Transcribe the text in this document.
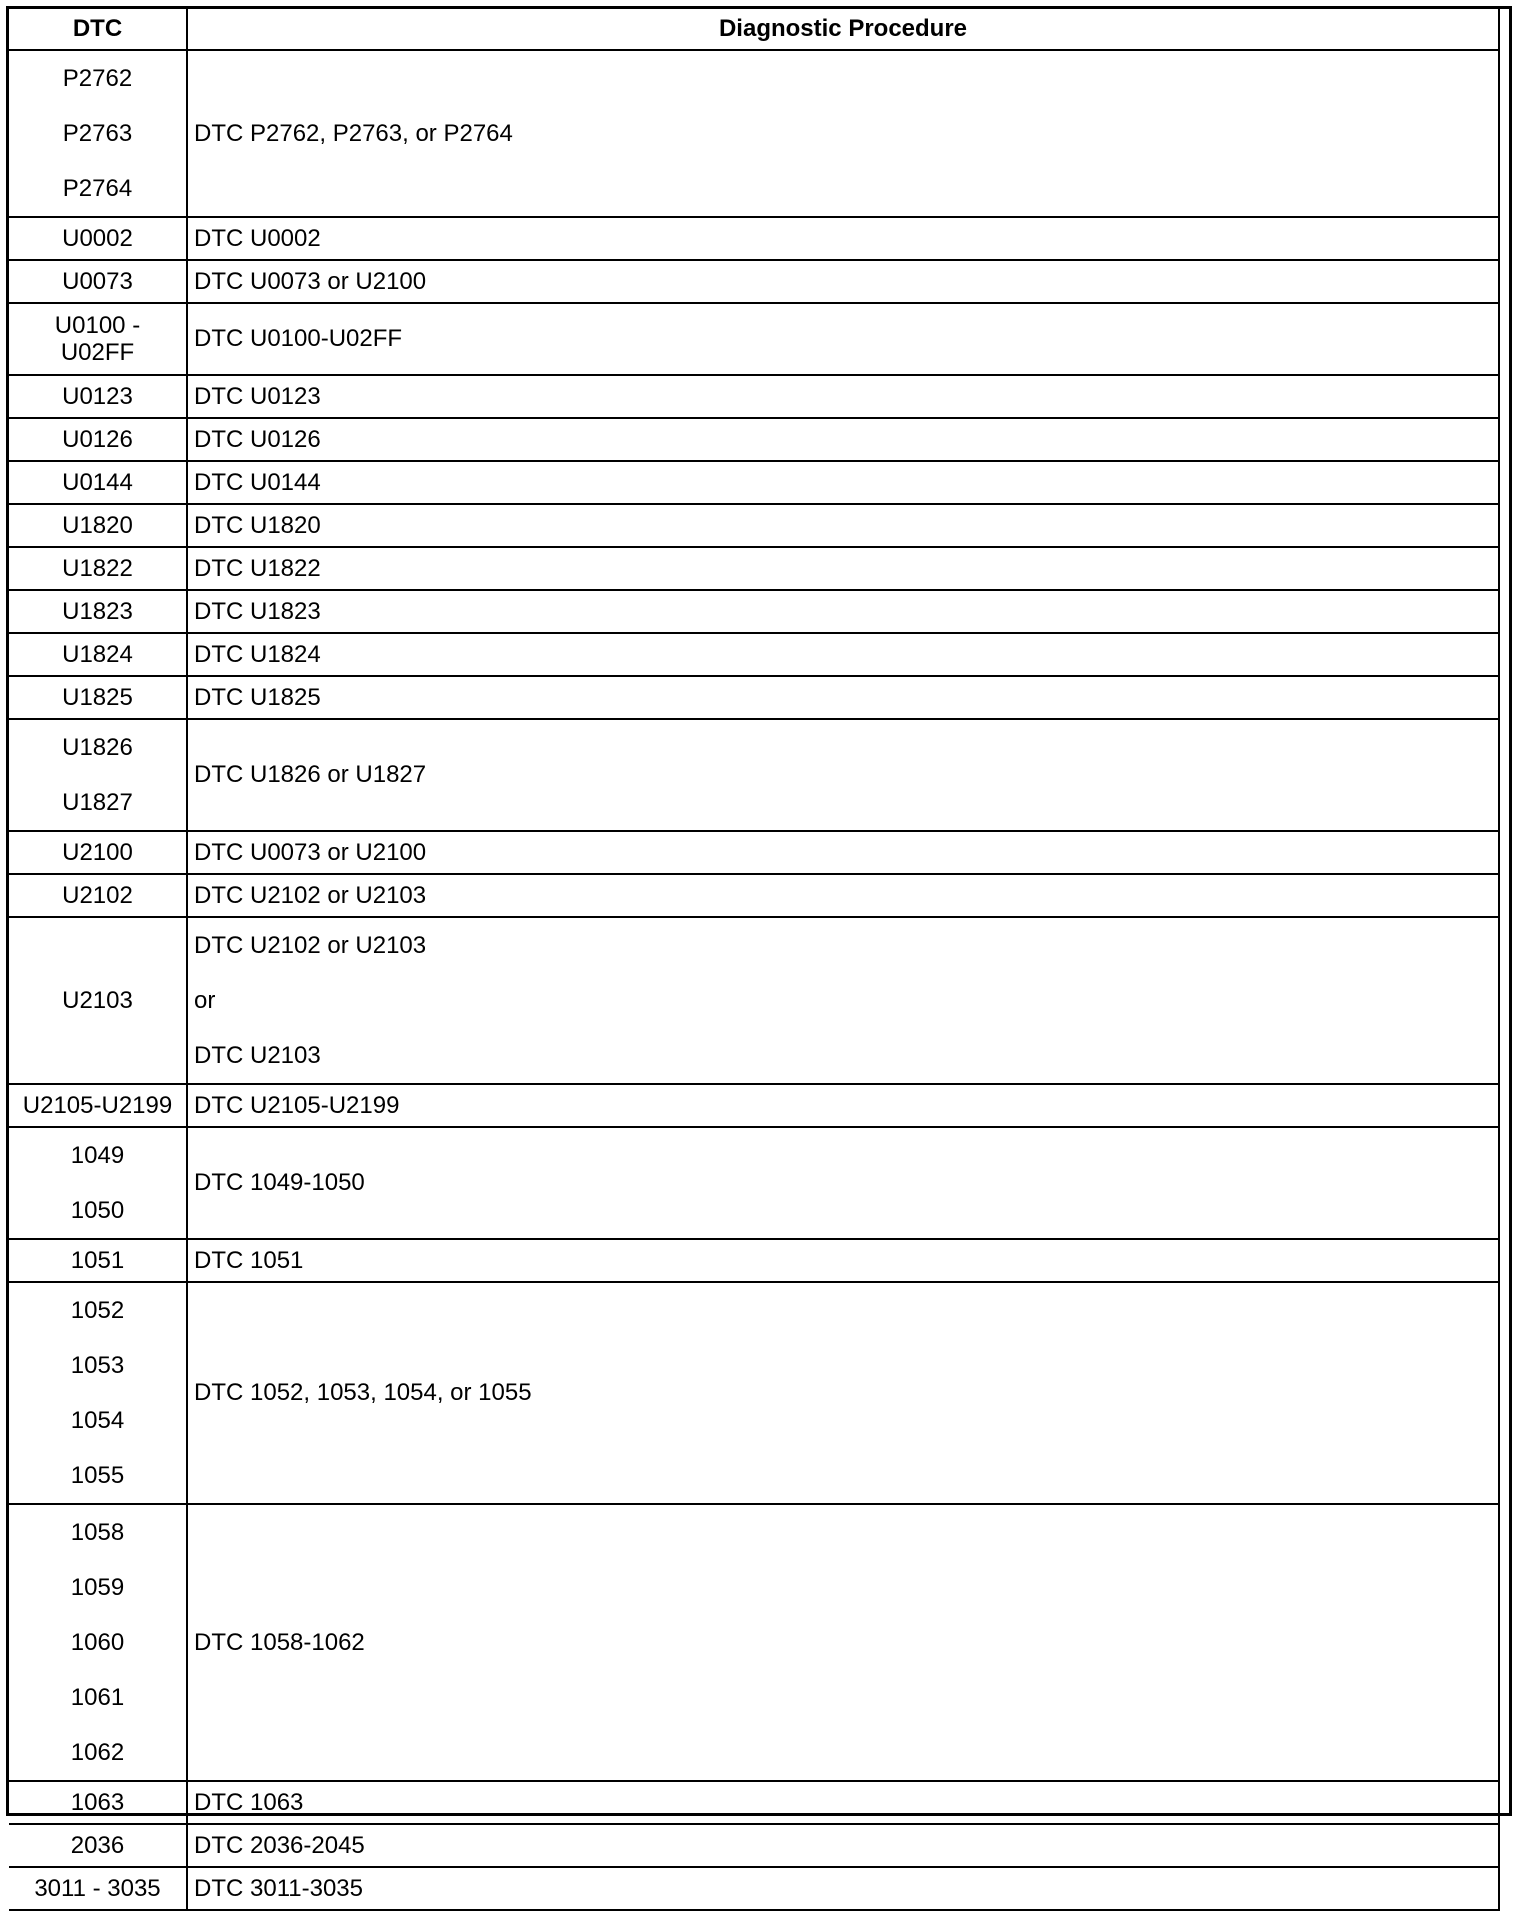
DTC	Diagnostic Procedure

P2762
P2763
P2764	DTC P2762, P2763, or P2764
U0002	DTC U0002
U0073	DTC U0073 or U2100

U0100 -
U02FF	DTC U0100-U02FF
U0123	DTC U0123
U0126	DTC U0126
U0144	DTC U0144
U1820	DTC U1820
U1822	DTC U1822
U1823	DTC U1823
U1824	DTC U1824
U1825	DTC U1825

U1826
U1827	DTC U1826 or U1827
U2100	DTC U0073 or U2100
U2102	DTC U2102 or U2103

U2103	DTC U2102 or U2103
or
DTC U2103

U2105-U2199	DTC U2105-U2199

1049
1050	DTC 1049-1050
1051	DTC 1051

1052
1053
1054
1055	DTC 1052, 1053, 1054, or 1055

1058
1059
1060
1061
1062	DTC 1058-1062
1063	DTC 1063
2036	DTC 2036-2045
3011 - 3035	DTC 3011-3035
